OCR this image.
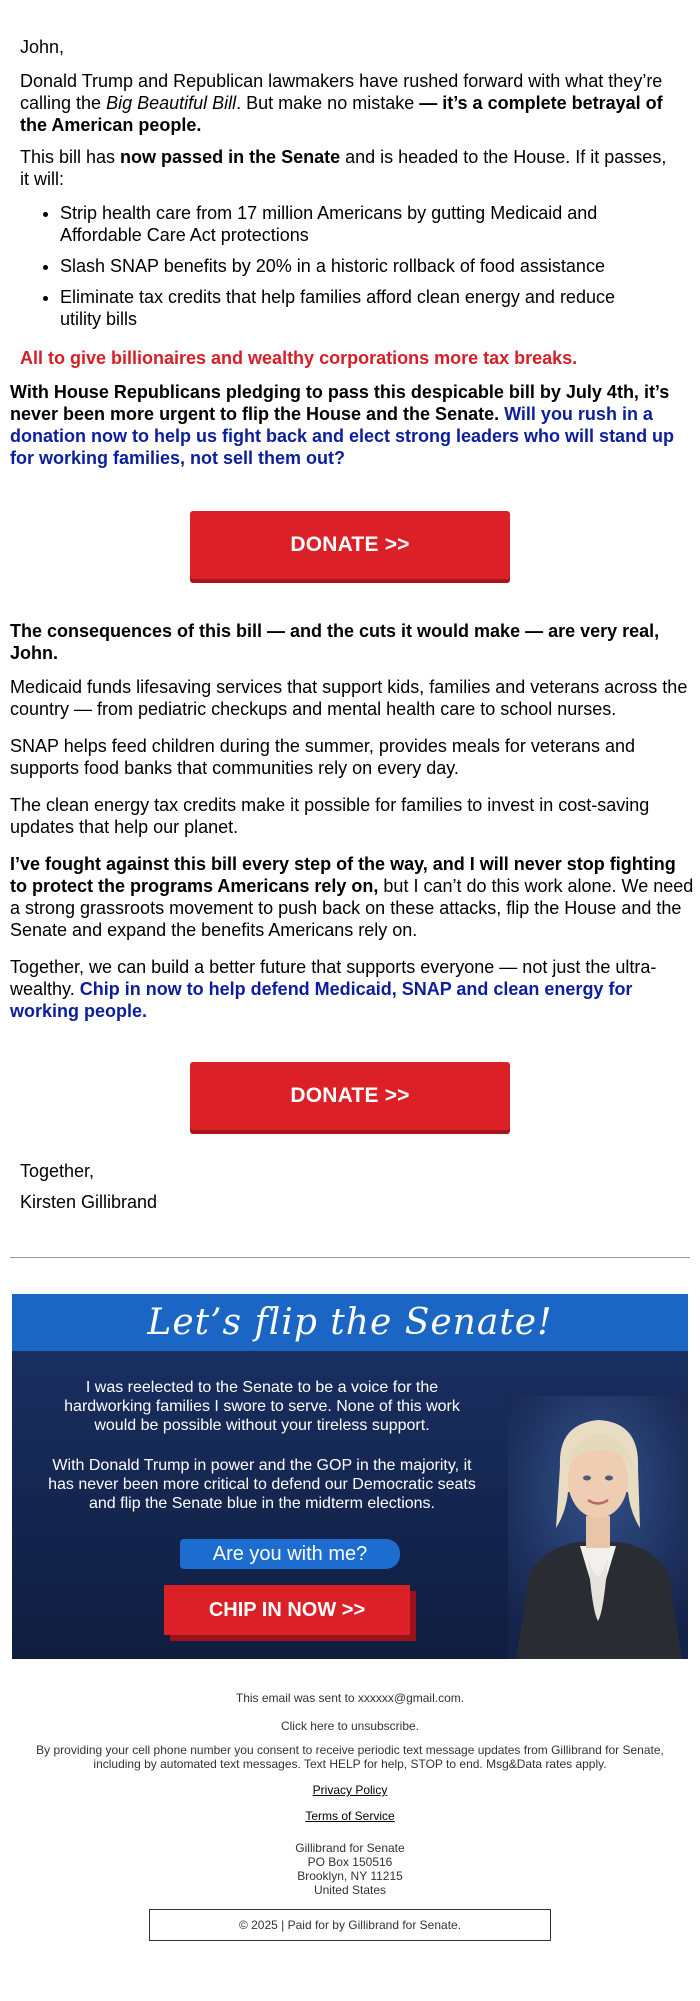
John,

Donald Trump and Republican lawmakers have rushed forward with what they’re calling the Big Beautiful Bill. But make no mistake — it’s a complete betrayal of the American people.

This bill has now passed in the Senate and is headed to the House. If it passes, it will:

• Strip health care from 17 million Americans by gutting Medicaid and Affordable Care Act protections
• Slash SNAP benefits by 20% in a historic rollback of food assistance
• Eliminate tax credits that help families afford clean energy and reduce utility bills

All to give billionaires and wealthy corporations more tax breaks.

With House Republicans pledging to pass this despicable bill by July 4th, it’s never been more urgent to flip the House and the Senate. Will you rush in a donation now to help us fight back and elect strong leaders who will stand up for working families, not sell them out?

DONATE >>

The consequences of this bill — and the cuts it would make — are very real, John.

Medicaid funds lifesaving services that support kids, families and veterans across the country — from pediatric checkups and mental health care to school nurses.

SNAP helps feed children during the summer, provides meals for veterans and supports food banks that communities rely on every day.

The clean energy tax credits make it possible for families to invest in cost-saving updates that help our planet.

I’ve fought against this bill every step of the way, and I will never stop fighting to protect the programs Americans rely on, but I can’t do this work alone. We need a strong grassroots movement to push back on these attacks, flip the House and the Senate and expand the benefits Americans rely on.

Together, we can build a better future that supports everyone — not just the ultra-wealthy. Chip in now to help defend Medicaid, SNAP and clean energy for working people.

DONATE >>

Together,

Kirsten Gillibrand

Let’s flip the Senate!
I was reelected to the Senate to be a voice for the hardworking families I swore to serve. None of this work would be possible without your tireless support.
With Donald Trump in power and the GOP in the majority, it has never been more critical to defend our Democratic seats and flip the Senate blue in the midterm elections.
Are you with me?
CHIP IN NOW >>
This email was sent to xxxxxx@gmail.com.
Click here to unsubscribe.
By providing your cell phone number you consent to receive periodic text message updates from Gillibrand for Senate, including by automated text messages. Text HELP for help, STOP to end. Msg&Data rates apply.
Privacy Policy
Terms of Service
Gillibrand for Senate
PO Box 150516
Brooklyn, NY 11215
United States
© 2025 | Paid for by Gillibrand for Senate.
